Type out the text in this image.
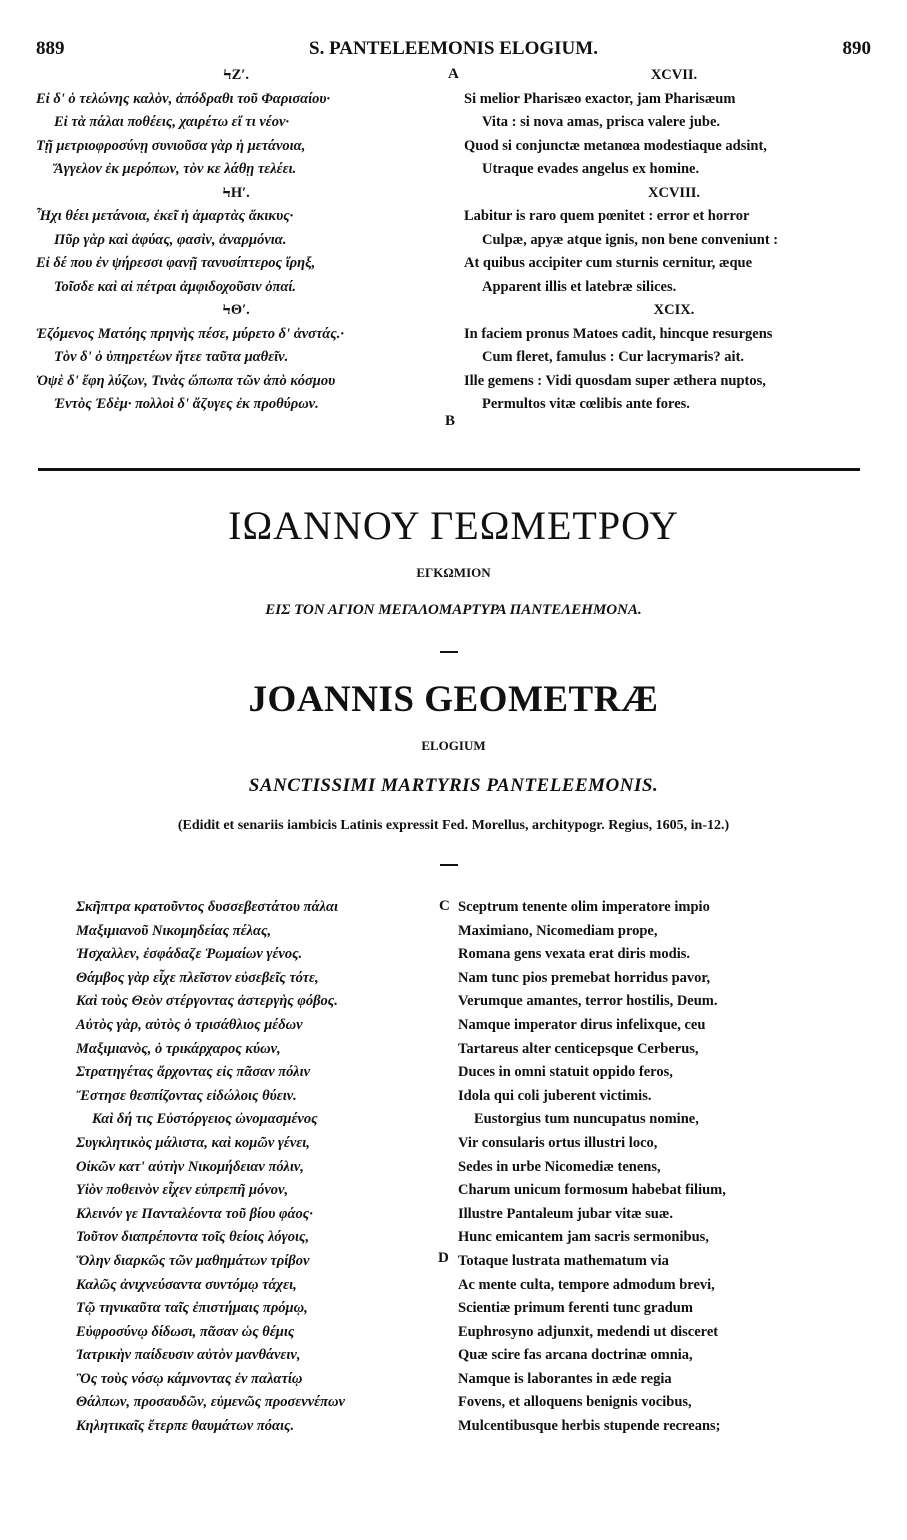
889	S. PANTELEEMONIS ELOGIUM.	890
ϞΖʹ.
Εἰ δ' ὁ τελώνης καλὸν, ἀπόδραθι τοῦ Φαρισαίου·
Εἰ τὰ πάλαι ποθέεις, χαιρέτω εἴ τι νέον·
Τῇ μετριοφροσύνῃ συνιοῦσα γὰρ ἡ μετάνοια,
Ἄγγελον ἐκ μερόπων, τὸν κε λάθῃ τελέει.
ϞΗʹ.
Ἦχι θέει μετάνοια, ἐκεῖ ἡ ἁμαρτὰς ἄκικυς·
Πῦρ γὰρ καὶ ἀφύας, φασὶν, ἀναρμόνια.
Εἰ δέ που ἐν ψήρεσσι φανῇ τανυσίπτερος ἴρηξ,
Τοῖσδε καὶ αἱ πέτραι ἀμφιδοχοῦσιν ὀπαί.
ϞΘʹ.
Ἑζόμενος Ματόης πρηνὴς πέσε, μύρετο δ' ἀνστάς.·
Τὸν δ' ὁ ὑπηρετέων ἤτεε ταῦτα μαθεῖν.
Ὀψὲ δ' ἔφη λύζων, Τινὰς ὤπωπα τῶν ἀπὸ κόσμου
Ἐντὸς Ἐδὲμ· πολλοὶ δ' ἄζυγες ἐκ προθύρων.
XCVII.
Si melior Pharisæo exactor, jam Pharisæum
Vita : si nova amas, prisca valere jube.
Quod si conjunctæ metanœa modestiaque adsint,
Utraque evades angelus ex homine.
XCVIII.
Labitur is raro quem pœnitet : error et horror
Culpæ, apyæ atque ignis, non bene conveniunt :
At quibus accipiter cum sturnis cernitur, æque
Apparent illis et latebræ silices.
XCIX.
In faciem pronus Matoes cadit, hincque resurgens
Cum fleret, famulus : Cur lacrymaris? ait.
Ille gemens : Vidi quosdam super æthera nuptos,
Permultos vitæ cœlibis ante fores.
A
B
ΙΩΑΝΝΟΥ ΓΕΩΜΕΤΡΟΥ
ΕΓΚΩΜΙΟΝ
ΕΙΣ ΤΟΝ ΑΓΙΟΝ ΜΕΓΑΛΟΜΑΡΤΥΡΑ ΠΑΝΤΕΛΕΗΜΟΝΑ.
JOANNIS GEOMETRÆ
ELOGIUM
SANCTISSIMI MARTYRIS PANTELEEMONIS.
(Edidit et senariis iambicis Latinis expressit Fed. Morellus, architypogr. Regius, 1605, in-12.)
Σκῆπτρα κρατοῦντος δυσσεβεστάτου πάλαι
Μαξιμιανοῦ Νικομηδείας πέλας,
Ἠσχαλλεν, ἐσφάδαζε Ῥωμαίων γένος.
Θάμβος γὰρ εἶχε πλεῖστον εὐσεβεῖς τότε,
Καὶ τοὺς Θεὸν στέργοντας ἀστεργὴς φόβος.
Αὐτὸς γὰρ, αὐτὸς ὁ τρισάθλιος μέδων
Μαξιμιανὸς, ὁ τρικάρχαρος κύων,
Στρατηγέτας ἄρχοντας εἰς πᾶσαν πόλιν
Ἔστησε θεσπίζοντας εἰδώλοις θύειν.
Καὶ δή τις Εὐστόργειος ὠνομασμένος
Συγκλητικὸς μάλιστα, καὶ κομῶν γένει,
Οἰκῶν κατ' αὐτὴν Νικομήδειαν πόλιν,
Υἱὸν ποθεινὸν εἶχεν εὐπρεπῆ μόνον,
Κλεινόν γε Πανταλέοντα τοῦ βίου φάος·
Τοῦτον διαπρέποντα τοῖς θείοις λόγοις,
Ὅλην διαρκῶς τῶν μαθημάτων τρίβον
Καλῶς ἀνιχνεύσαντα συντόμῳ τάχει,
Τῷ τηνικαῦτα ταῖς ἐπιστήμαις πρόμῳ,
Εὐφροσύνῳ δίδωσι, πᾶσαν ὡς θέμις
Ἰατρικὴν παίδευσιν αὐτὸν μανθάνειν,
Ὃς τοὺς νόσῳ κάμνοντας ἐν παλατίῳ
Θάλπων, προσαυδῶν, εὐμενῶς προσεννέπων
Κηλητικαῖς ἔτερπε θαυμάτων πόαις.
Sceptrum tenente olim imperatore impio
Maximiano, Nicomediam prope,
Romana gens vexata erat diris modis.
Nam tunc pios premebat horridus pavor,
Verumque amantes, terror hostilis, Deum.
Namque imperator dirus infelixque, ceu
Tartareus alter centicepsque Cerberus,
Duces in omni statuit oppido feros,
Idola qui coli juberent victimis.
Eustorgius tum nuncupatus nomine,
Vir consularis ortus illustri loco,
Sedes in urbe Nicomediæ tenens,
Charum unicum formosum habebat filium,
Illustre Pantaleum jubar vitæ suæ.
Hunc emicantem jam sacris sermonibus,
Totaque lustrata mathematum via
Ac mente culta, tempore admodum brevi,
Scientiæ primum ferenti tunc gradum
Euphrosyno adjunxit, medendi ut disceret
Quæ scire fas arcana doctrinæ omnia,
Namque is laborantes in æde regia
Fovens, et alloquens benignis vocibus,
Mulcentibusque herbis stupende recreans;
C
D
